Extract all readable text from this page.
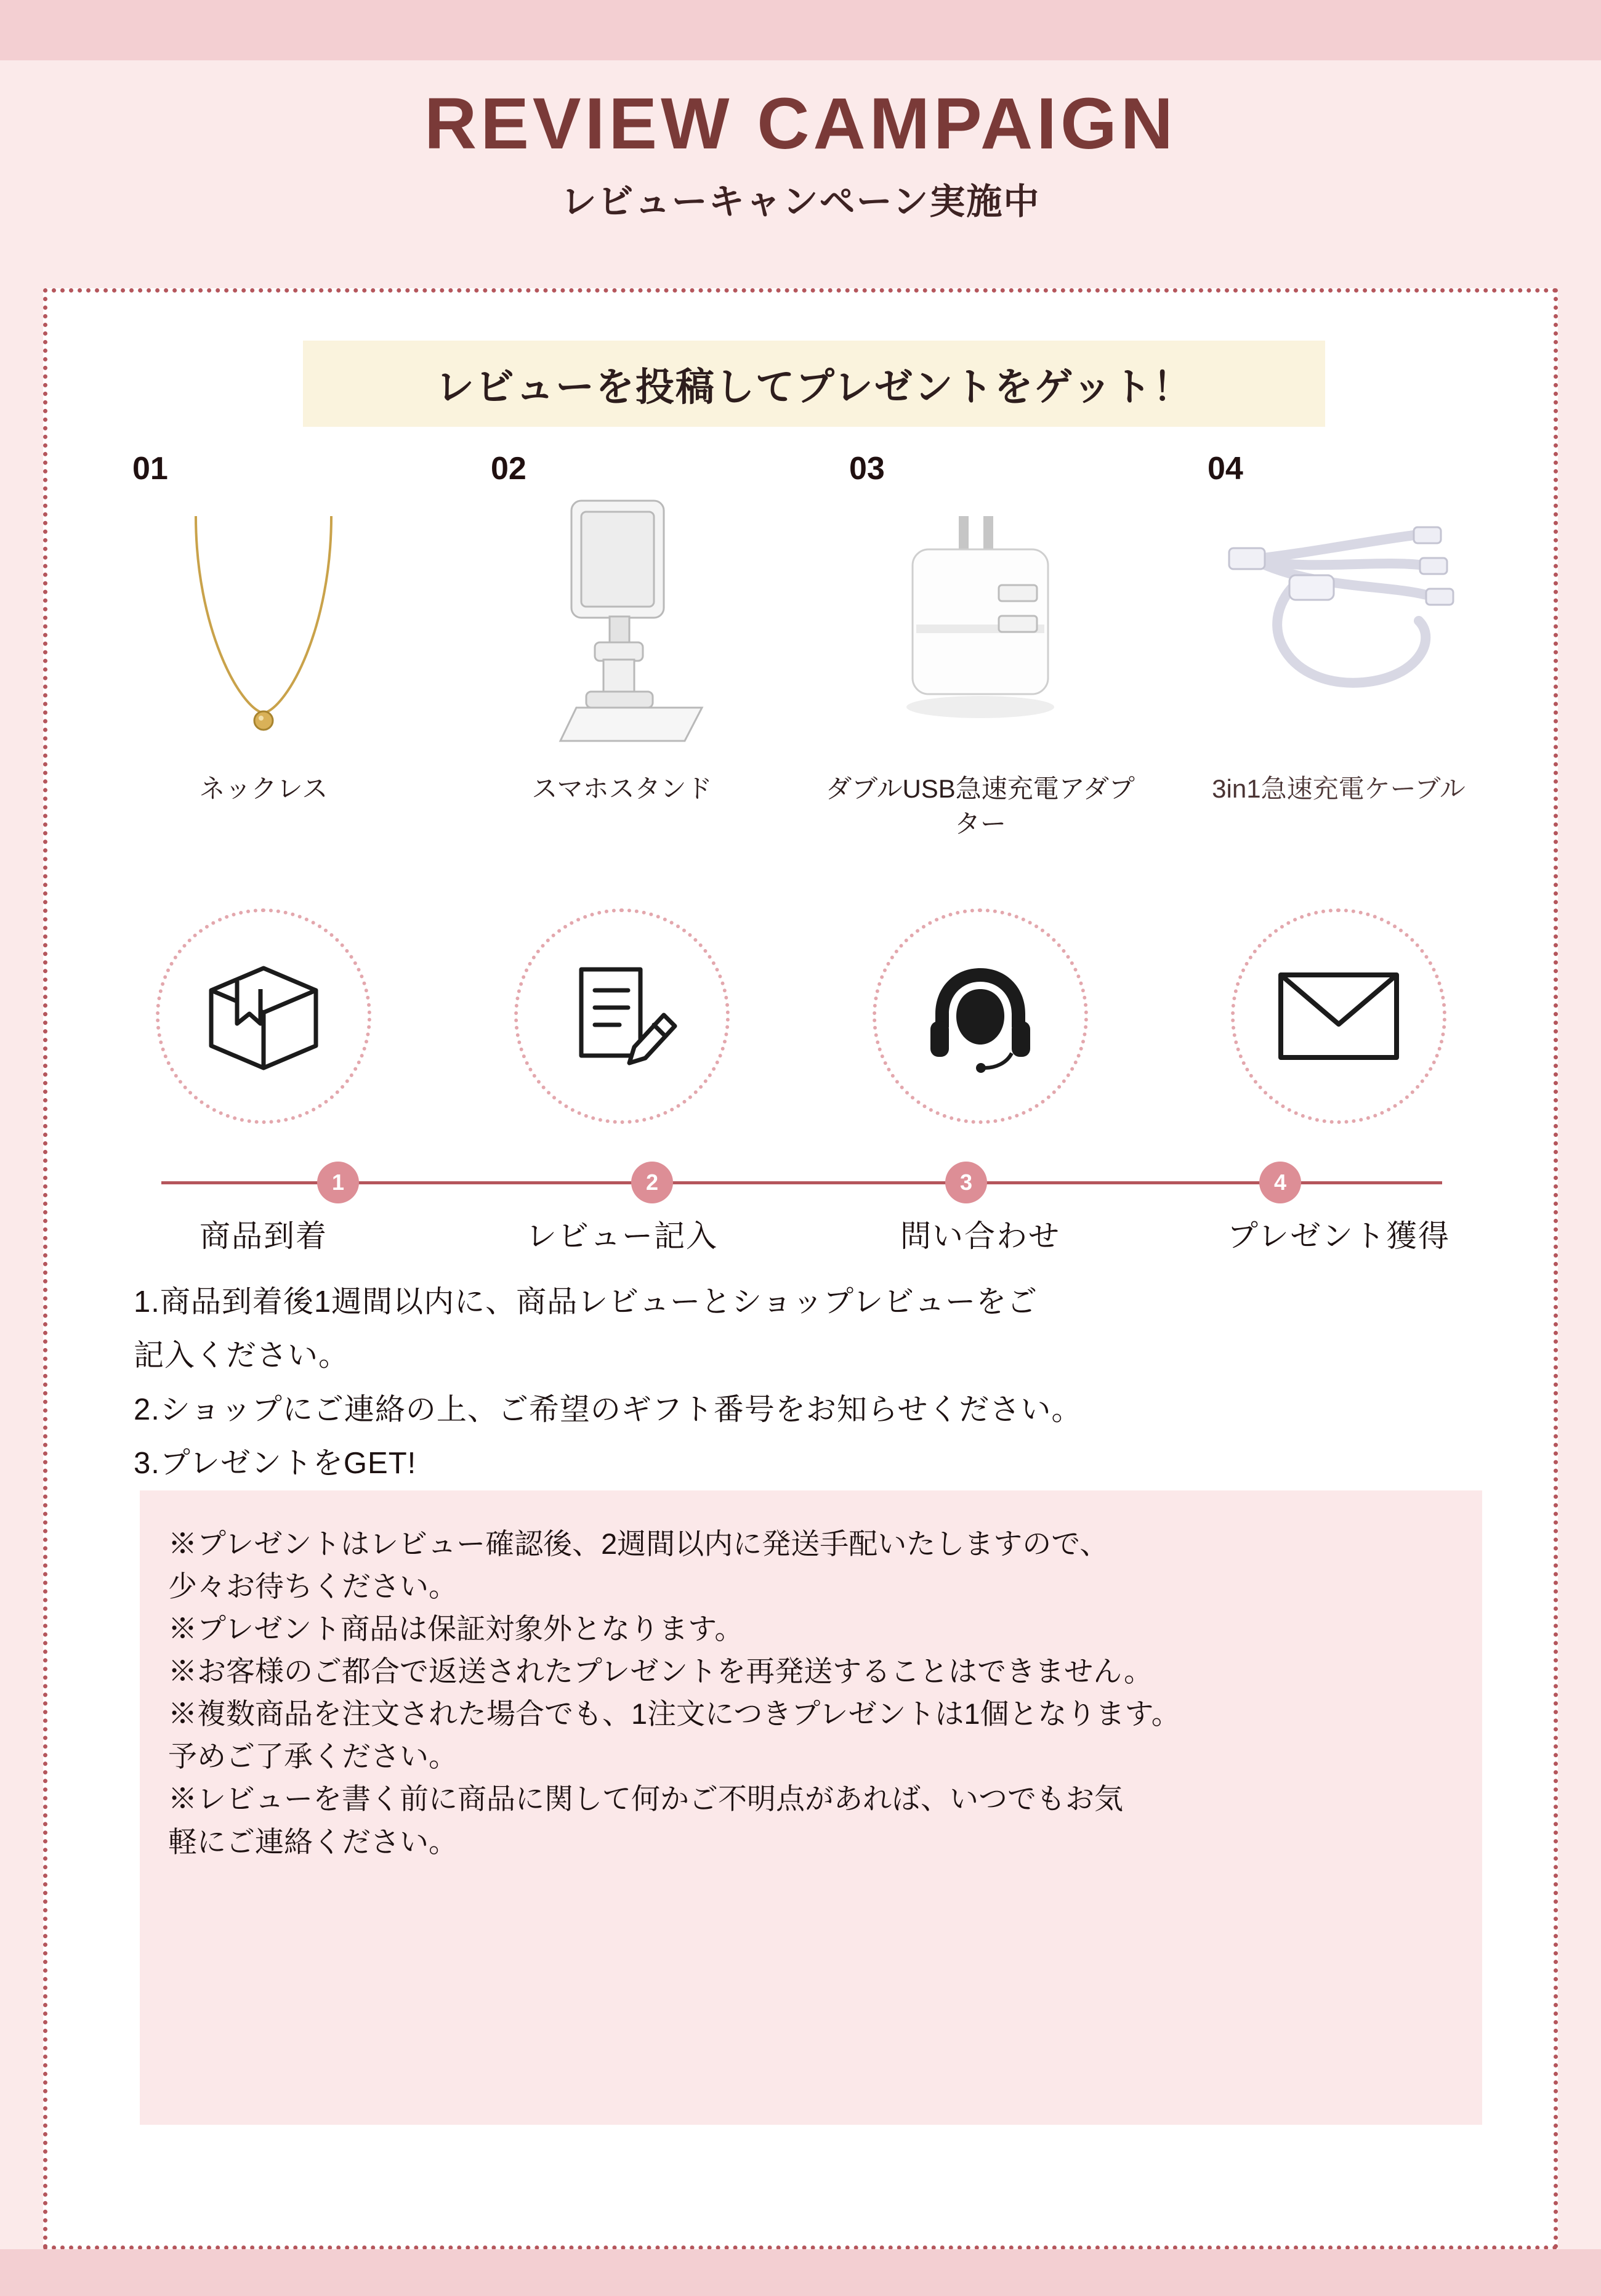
REVIEW CAMPAIGN
レビューキャンペーン実施中
レビューを投稿してプレゼントをゲット！
01
ネックレス
02
スマホスタンド
03
ダブルUSB急速充電アダプター
04
3in1急速充電ケーブル
1	2	3	4
商品到着	レビュー記入	問い合わせ	プレゼント獲得

1.商品到着後1週間以内に、商品レビューとショップレビューをご

記入ください。

2.ショップにご連絡の上、ご希望のギフト番号をお知らせください。

3.プレゼントをGET!

※プレゼントはレビュー確認後、2週間以内に発送手配いたしますので、

少々お待ちください。

※プレゼント商品は保証対象外となります。

※お客様のご都合で返送されたプレゼントを再発送することはできません。

※複数商品を注文された場合でも、1注文につきプレゼントは1個となります。

予めご了承ください。

※レビューを書く前に商品に関して何かご不明点があれば、いつでもお気

軽にご連絡ください。
